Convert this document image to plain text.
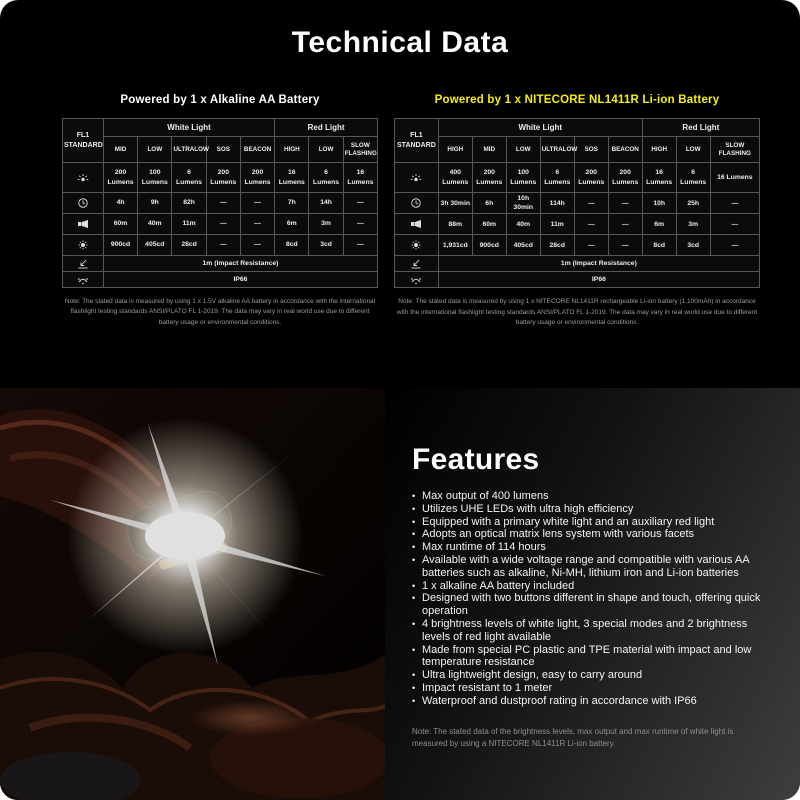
Technical Data
Powered by 1 x Alkaline AA Battery
FL1 STANDARD	White Light					Red Light		
	MID	LOW	ULTRALOW	SOS	BEACON	HIGH	LOW	SLOW FLASHING

	200 Lumens	100 Lumens	6 Lumens	200 Lumens	200 Lumens	16 Lumens	6 Lumens	16 Lumens

	4h	9h	82h	—	—	7h	14h	—

	60m	40m	11m	—	—	6m	3m	—

	900cd	405cd	28cd	—	—	8cd	3cd	—

	1m (Impact Resistance)							

	IP66							

Note: The stated data is measured by using 1 x 1.5V alkaline AA battery in accordance with the international flashlight testing standards ANSI/PLATO FL 1-2019. The data may vary in real world use due to different battery usage or environmental conditions.

Powered by 1 x NITECORE NL1411R Li-ion Battery
FL1 STANDARD	White Light						Red Light		
	HIGH	MID	LOW	ULTRALOW	SOS	BEACON	HIGH	LOW	SLOW FLASHING

	400 Lumens	200 Lumens	100 Lumens	6 Lumens	200 Lumens	200 Lumens	16 Lumens	6 Lumens	16 Lumens

	3h 30min	6h	10h 30min	114h	—	—	10h	25h	—

	88m	60m	40m	11m	—	—	6m	3m	—

	1,931cd	900cd	405cd	28cd	—	—	8cd	3cd	—

	1m (Impact Resistance)								

	IP66								

Note: The stated data is measured by using 1 x NITECORE NL1411R rechargeable Li-ion battery (1,100mAh) in accordance with the international flashlight testing standards ANSI/PLATO FL 1-2019. The data may vary in real world use due to different battery usage or environmental conditions.

Features
• Max output of 400 lumens
• Utilizes UHE LEDs with ultra high efficiency
• Equipped with a primary white light and an auxiliary red light
• Adopts an optical matrix lens system with various facets
• Max runtime of 114 hours
• Available with a wide voltage range and compatible with various AA batteries such as alkaline, Ni-MH, lithium iron and Li-ion batteries
• 1 x alkaline AA battery included
• Designed with two buttons different in shape and touch, offering quick operation
• 4 brightness levels of white light, 3 special modes and 2 brightness levels of red light available
• Made from special PC plastic and TPE material with impact and low temperature resistance
• Ultra lightweight design, easy to carry around
• Impact resistant to 1 meter
• Waterproof and dustproof rating in accordance with IP66

Note: The stated data of the brightness levels, max output and max runtime of white light is measured by using a NITECORE NL1411R Li-ion battery.
